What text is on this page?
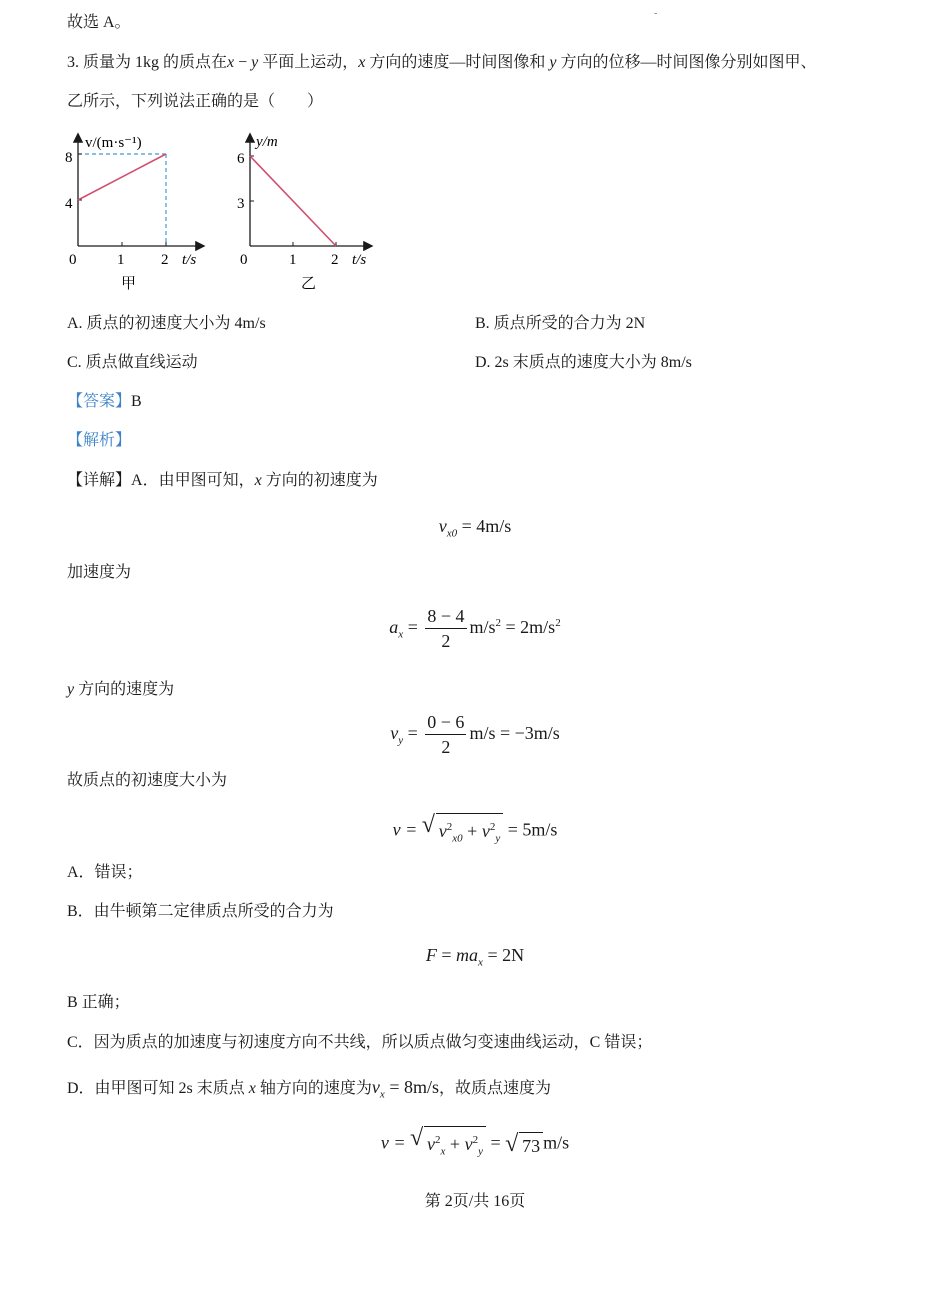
-
故选 A。
3. 质量为 1kg 的质点在x − y 平面上运动，x 方向的速度—时间图像和 y 方向的位移—时间图像分别如图甲、
乙所示，下列说法正确的是（　　）
v/(m·s⁻¹)
t/s
0	1 2
4
8
甲
y/m
t/s
0	1 2
3
6
乙
A. 质点的初速度大小为 4m/s	B. 质点所受的合力为 2N
C. 质点做直线运动	D. 2s 末质点的速度大小为 8m/s
【答案】B
【解析】
【详解】A．由甲图可知，x 方向的初速度为
$v_{x0} = 4m/s$
加速度为
$a_x = \frac{8 - 4}{2} m/s^2 = 2m/s^2$
y 方向的速度为
$v_y = \frac{0 - 6}{2} m/s = -3m/s$
故质点的初速度大小为
v = √ $v^2_{x0} + v^2_y = 5m/s$
A．错误；
B．由牛顿第二定律质点所受的合力为
$F = ma_x = 2N$
B 正确；
C．因为质点的加速度与初速度方向不共线，所以质点做匀变速曲线运动，C 错误；
D．由甲图可知 2s 末质点 x 轴方向的速度为$v_x = 8m/s$，故质点速度为
v = √ $v^2_x + v^2_y$ = √ 73 m/s
第 2页/共 16页
